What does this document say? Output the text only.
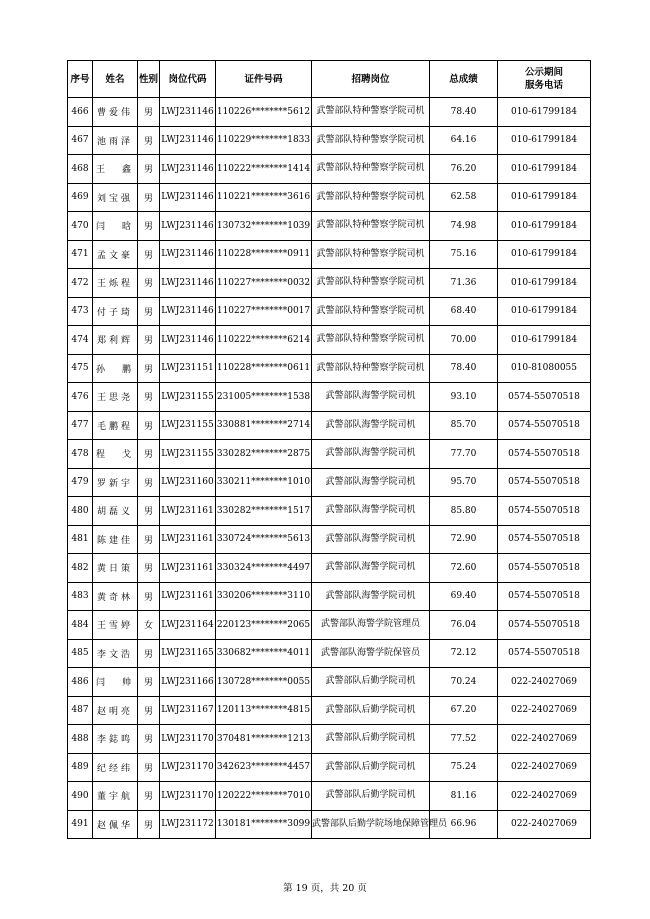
序号	姓名	性别	岗位代码	证件号码	招聘岗位	总成绩	公示期间
服务电话

466	曹爱伟	男	LWJ231146	110226********5612	武警部队特种警察学院司机	78.40	010-61799184
467	池雨泽	男	LWJ231146	110229********1833	武警部队特种警察学院司机	64.16	010-61799184
468	王鑫	男	LWJ231146	110222********1414	武警部队特种警察学院司机	76.20	010-61799184
469	刘宝强	男	LWJ231146	110221********3616	武警部队特种警察学院司机	62.58	010-61799184
470	闫晗	男	LWJ231146	130732********1039	武警部队特种警察学院司机	74.98	010-61799184
471	孟文豪	男	LWJ231146	110228********0911	武警部队特种警察学院司机	75.16	010-61799184
472	王烁程	男	LWJ231146	110227********0032	武警部队特种警察学院司机	71.36	010-61799184
473	付子琦	男	LWJ231146	110227********0017	武警部队特种警察学院司机	68.40	010-61799184
474	郑利辉	男	LWJ231146	110222********6214	武警部队特种警察学院司机	70.00	010-61799184
475	孙鹏	男	LWJ231151	110228********0611	武警部队特种警察学院司机	78.40	010-81080055
476	王思尧	男	LWJ231155	231005********1538	武警部队海警学院司机	93.10	0574-55070518
477	毛鹏程	男	LWJ231155	330881********2714	武警部队海警学院司机	85.70	0574-55070518
478	程戈	男	LWJ231155	330282********2875	武警部队海警学院司机	77.70	0574-55070518
479	罗新宇	男	LWJ231160	330211********1010	武警部队海警学院司机	95.70	0574-55070518
480	胡磊义	男	LWJ231161	330282********1517	武警部队海警学院司机	85.80	0574-55070518
481	陈建佳	男	LWJ231161	330724********5613	武警部队海警学院司机	72.90	0574-55070518
482	黄日策	男	LWJ231161	330324********4497	武警部队海警学院司机	72.60	0574-55070518
483	黄奇林	男	LWJ231161	330206********3110	武警部队海警学院司机	69.40	0574-55070518
484	王雪婷	女	LWJ231164	220123********2065	武警部队海警学院管理员	76.04	0574-55070518
485	李文浩	男	LWJ231165	330682********4011	武警部队海警学院保管员	72.12	0574-55070518
486	闫帅	男	LWJ231166	130728********0055	武警部队后勤学院司机	70.24	022-24027069
487	赵明亮	男	LWJ231167	120113********4815	武警部队后勤学院司机	67.20	022-24027069
488	李鋕鸣	男	LWJ231170	370481********1213	武警部队后勤学院司机	77.52	022-24027069
489	纪经纬	男	LWJ231170	342623********4457	武警部队后勤学院司机	75.24	022-24027069
490	董宇航	男	LWJ231170	120222********7010	武警部队后勤学院司机	81.16	022-24027069
491	赵佩华	男	LWJ231172	130181********3099	武警部队后勤学院场地保障管理员	66.96	022-24027069
第 19 页，共 20 页
